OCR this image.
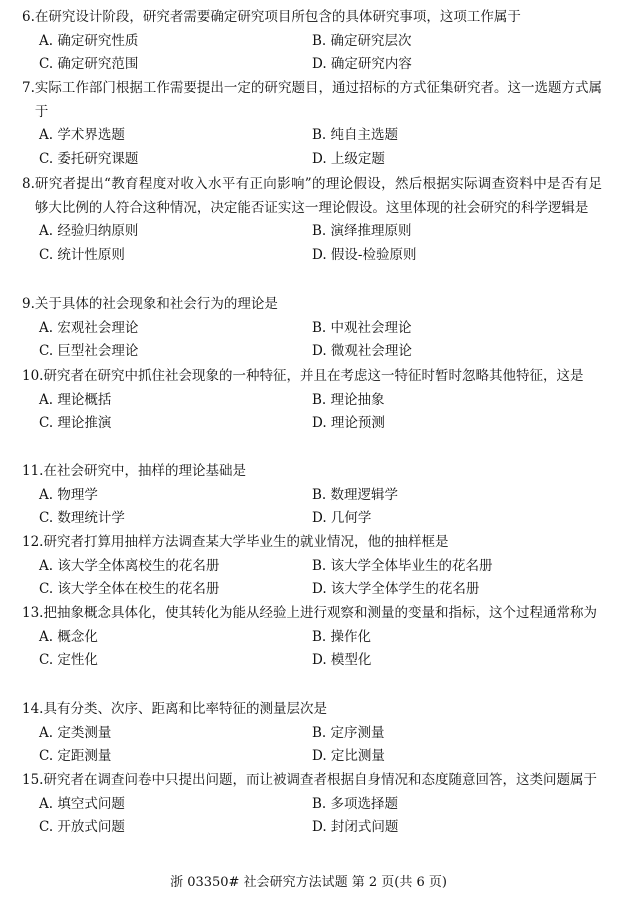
6. 在研究设计阶段，研究者需要确定研究项目所包含的具体研究事项，这项工作属于
A. 确定研究性质	B. 确定研究层次
C. 确定研究范围	D. 确定研究内容
7. 实际工作部门根据工作需要提出一定的研究题目，通过招标的方式征集研究者。这一选题方式属于
A. 学术界选题	B. 纯自主选题
C. 委托研究课题	D. 上级定题
8. 研究者提出“教育程度对收入水平有正向影响”的理论假设，然后根据实际调查资料中是否有足够大比例的人符合这种情况，决定能否证实这一理论假设。这里体现的社会研究的科学逻辑是
A. 经验归纳原则	B. 演绎推理原则
C. 统计性原则	D. 假设-检验原则
9. 关于具体的社会现象和社会行为的理论是
A. 宏观社会理论	B. 中观社会理论
C. 巨型社会理论	D. 微观社会理论
10. 研究者在研究中抓住社会现象的一种特征，并且在考虑这一特征时暂时忽略其他特征，这是
A. 理论概括	B. 理论抽象
C. 理论推演	D. 理论预测
11. 在社会研究中，抽样的理论基础是
A. 物理学	B. 数理逻辑学
C. 数理统计学	D. 几何学
12. 研究者打算用抽样方法调查某大学毕业生的就业情况，他的抽样框是
A. 该大学全体离校生的花名册	B. 该大学全体毕业生的花名册
C. 该大学全体在校生的花名册	D. 该大学全体学生的花名册
13. 把抽象概念具体化，使其转化为能从经验上进行观察和测量的变量和指标，这个过程通常称为
A. 概念化	B. 操作化
C. 定性化	D. 模型化
14. 具有分类、次序、距离和比率特征的测量层次是
A. 定类测量	B. 定序测量
C. 定距测量	D. 定比测量
15. 研究者在调查问卷中只提出问题，而让被调查者根据自身情况和态度随意回答，这类问题属于
A. 填空式问题	B. 多项选择题
C. 开放式问题	D. 封闭式问题
浙 03350# 社会研究方法试题 第 2 页(共 6 页)
